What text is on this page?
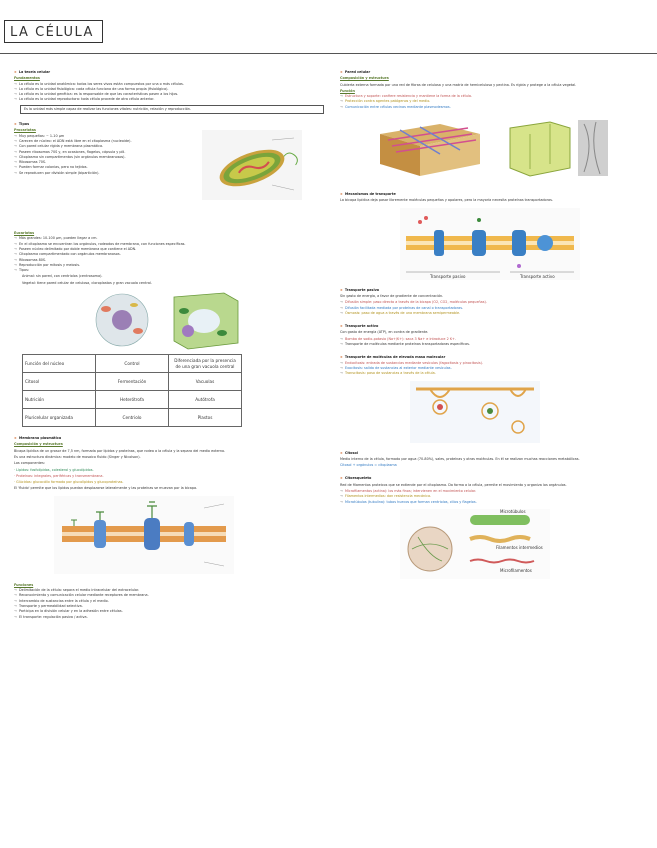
LA CÉLULA
➤ La teoría celular
Fundamentos
→ La célula es la unidad anatómica: todos los seres vivos están compuestos por una o más células.
→ La célula es la unidad fisiológica: cada célula funciona de una forma propia (fisiológica).
→ La célula es la unidad genética: es la responsable de que las características pasen a los hijos.
→ La célula es la unidad reproductora: toda célula procede de otra célula anterior.
Es la unidad más simple capaz de realizar las funciones vitales: nutrición, relación y reproducción.
➤ Tipos
Procariotas
→ Muy pequeñas: ~ 1-10 µm
→ Carecen de núcleo: el ADN está libre en el citoplasma (nucleoide).
→ Con pared celular rígida y membrana plasmática.
→ Poseen ribosomas 70S y, en ocasiones, flagelos, cápsula y pili.
→ Citoplasma sin compartimentos (sin orgánulos membranosos).
→ Ribosomas 70S.
→ Pueden formar colonias, pero no tejidos.
→ Se reproducen por división simple (bipartición).
Eucariotas
→ Más grandes: 10-100 µm, pueden llegar a cm.
→ En el citoplasma se encuentran los orgánulos, rodeados de membrana, con funciones específicas.
→ Poseen núcleo delimitado por doble membrana que contiene el ADN.
→ Citoplasma compartimentado con orgánulos membranosos.
→ Ribosomas 80S.
→ Reproducción por mitosis y meiosis.
→ Tipos:
Animal: sin pared, con centriolos (centrosoma).
Vegetal: tiene pared celular de celulosa, cloroplastos y gran vacuola central.
Función del núcleo	Control	Diferenciada por la presencia de una gran vacuola central
Citosol	Fermentación	Vacuolas
Nutrición	Heterótrofa	Autótrofa
Pluricelular organizada	Centriolo	Plastos
➤ Membrana plasmática
Composición y estructura
Bicapa lipídica de un grosor de 7,5 nm, formada por lípidos y proteínas, que rodea a la célula y la separa del medio externo.
Es una estructura dinámica: modelo de mosaico fluido (Singer y Nicolson).
Los componentes:
· Lípidos: fosfolípidos, colesterol y glucolípidos.
· Proteínas: integrales, periféricas y transmembrana.
· Glúcidos: glucocálix formado por glucolípidos y glucoproteínas.
El 'fluido' permite que los lípidos puedan desplazarse lateralmente y las proteínas se muevan por la bicapa.
Funciones
→ Delimitación de la célula: separa el medio intracelular del extracelular.
→ Reconocimiento y comunicación celular mediante receptores de membrana.
→ Intercambio de sustancias entre la célula y el medio.
→ Transporte y permeabilidad selectiva.
→ Participa en la división celular y en la adhesión entre células.
→ El transporte: regulación pasiva / activa.
➤ Pared celular
Composición y estructura
Cubierta externa formada por una red de fibras de celulosa y una matriz de hemicelulosa y pectina. Es rígida y protege a la célula vegetal.
Función
→ Estructura y soporte: confiere resistencia y mantiene la forma de la célula.
→ Protección contra agentes patógenos y del medio.
→ Comunicación entre células vecinas mediante plasmodesmos.
➤ Mecanismos de transporte
La bicapa lipídica deja pasar libremente moléculas pequeñas y apolares, pero la mayoría necesita proteínas transportadoras.
Transporte pasivo	Transporte activo
➤ Transporte pasivo
Sin gasto de energía, a favor de gradiente de concentración.
→ Difusión simple: paso directo a través de la bicapa (O2, CO2, moléculas pequeñas).
→ Difusión facilitada mediada por proteínas de canal o transportadoras.
→ Ósmosis: paso de agua a través de una membrana semipermeable.
➤ Transporte activo
Con gasto de energía (ATP), en contra de gradiente.
→ Bomba de sodio-potasio (Na+/K+): saca 3 Na+ e introduce 2 K+.
→ Transporte de moléculas mediante proteínas transportadoras específicas.
➤ Transporte de moléculas de elevada masa molecular
→ Endocitosis: entrada de sustancias mediante vesículas (fagocitosis y pinocitosis).
→ Exocitosis: salida de sustancias al exterior mediante vesículas.
→ Transcitosis: paso de sustancias a través de la célula.
➤ Citosol
Medio interno de la célula, formado por agua (70-80%), sales, proteínas y otras moléculas. En él se realizan muchas reacciones metabólicas.
Citosol + orgánulos = citoplasma
➤ Citoesqueleto
Red de filamentos proteicos que se extiende por el citoplasma. Da forma a la célula, permite el movimiento y organiza los orgánulos.
→ Microfilamentos (actina): los más finos; intervienen en el movimiento celular.
→ Filamentos intermedios: dan resistencia mecánica.
→ Microtúbulos (tubulina): tubos huecos que forman centriolos, cilios y flagelos.
Microtúbulos
Filamentos intermedios
Microfilamentos
